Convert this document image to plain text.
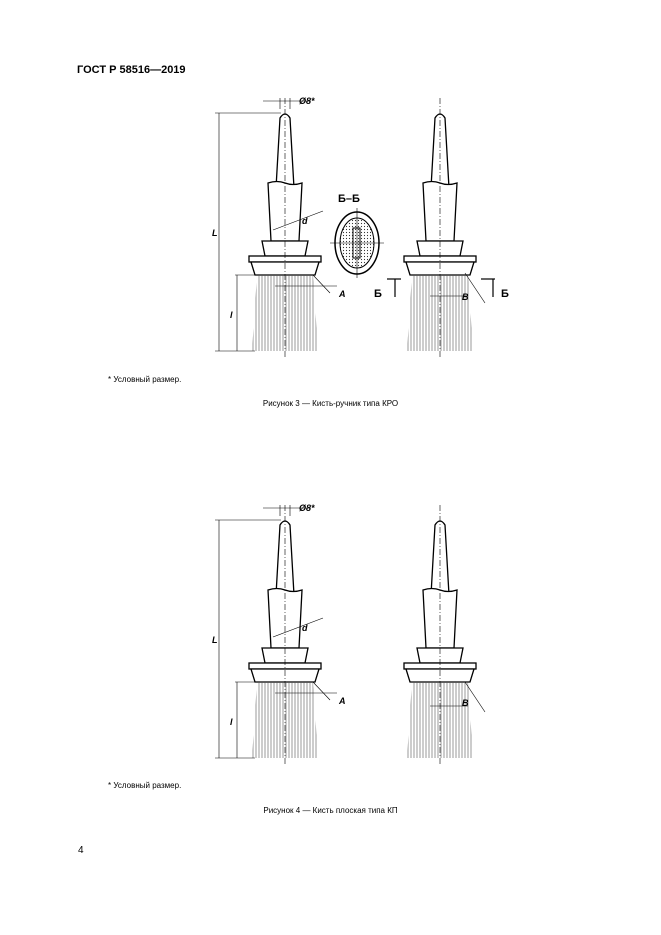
ГОСТ Р 58516—2019
Ø8*
L
l
d
A
Б–Б
В
Б	Б
Ø8*
L
l
d
A	В
* Условный размер.
Рисунок 3 — Кисть-ручник типа КРО
* Условный размер.
Рисунок 4 — Кисть плоская типа КП
4
